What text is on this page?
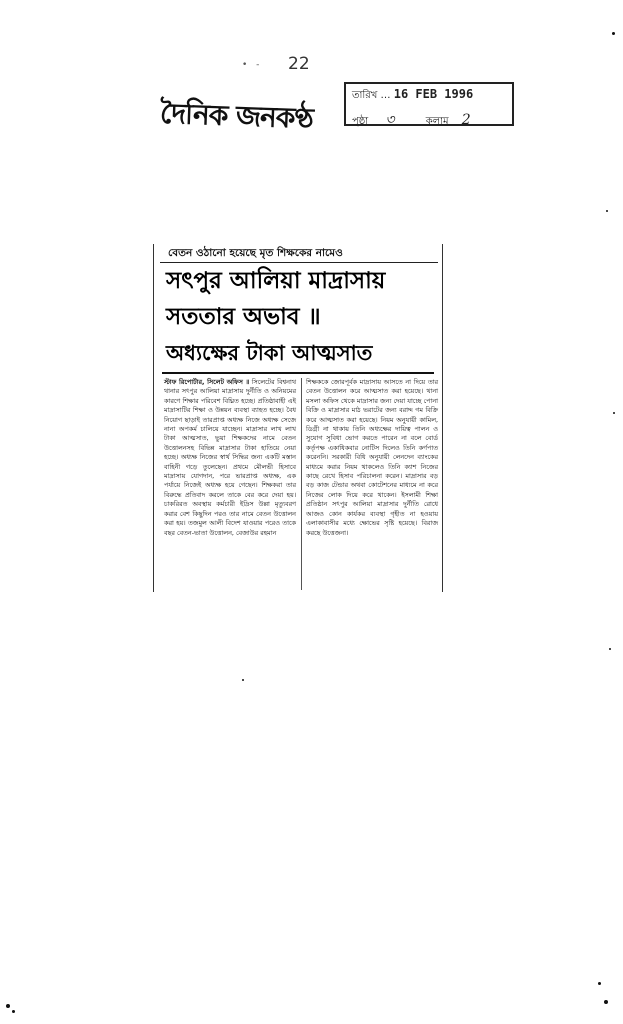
• - 22
দৈনিক জনকণ্ঠ
তারিখ … 16 FEB 1996
পৃষ্ঠা ৩	কলাম 2
বেতন ওঠানো হয়েছে মৃত শিক্ষকের নামেও
সৎপুর আলিয়া মাদ্রাসায়
সততার অভাব ॥
অধ্যক্ষের টাকা আত্মসাত

স্টাফ রিপোর্টার, সিলেট অফিস ॥ সিলেটের বিশ্বনাথ থানার সৎপুর আলিয়া মাদ্রাসায় দুর্নীতি ও অনিয়মের কারণে শিক্ষার পরিবেশ বিঘ্নিত হচ্ছে। প্রতিষ্ঠাবাহী এই মাদ্রাসাটির শিক্ষা ও উন্নয়ন ব্যবস্থা ব্যাহত হচ্ছে। বৈধ নিয়োগ ছাড়াই তারপ্রাপ্ত অধ্যক্ষ নিজে অধ্যক্ষ সেজে নানা অপকর্ম চালিয়ে যাচ্ছেন। মাদ্রাসার লাখ লাখ টাকা আত্মসাত, ভুয়া শিক্ষকদের নামে বেতন উত্তোলনসহ বিভিন্ন মাদ্রাসার টাকা হাতিয়ে নেয়া হচ্ছে। অধ্যক্ষ নিজের স্বার্থ সিদ্ধির জন্য একটি মস্তান বাহিনী গড়ে তুলেছেন। প্রথমে মৌলভী হিসাবে মাদ্রাসায় যোগদান, পরে ভারপ্রাপ্ত অধ্যক্ষ, এক পর্যায়ে নিজেই অধ্যক্ষ হয়ে গেছেন। শিক্ষকরা তার বিরুদ্ধে প্রতিবাদ করলে তাকে বের করে দেয়া হয়। চাকরিরত অবস্থায় কর্মচারী ইদ্রিস উল্লা মৃত্যুবরণ করার বেশ কিছুদিন পরও তার নামে বেতন উত্তোলন করা হয়। তজমুল আলী বিদেশ যাওয়ার পরেও তাকে বছর বেতন-ভাতা উত্তোলন, বেজাউর রহমান

শিক্ষককে জোরপূর্বক মাদ্রাসায় আসতে না দিয়ে তার বেতন উত্তোলন করে আত্মসাত করা হয়েছে। থানা মসলা অফিস থেকে মাদ্রাসার জন্য দেয়া যাচ্ছে পোনা বিক্রি ও মাদ্রাসার মাঠ ভরাটের জন্য বরাদ্দ গম বিক্রি করে আত্মসাত করা হয়েছে। নিয়ম অনুযায়ী কামিল, ডিগ্রী না থাকায় তিনি অধ্যক্ষের দায়িত্ব পালন ও সুযোগ সুবিধা ভোগ করতে পারেন না বলে বোর্ড কর্তৃপক্ষ একাধিকবার নোটিস দিলেও তিনি কর্ণপাত করেননি। সরকারী বিধি অনুযায়ী লেনদেন ব্যাংকের মাধ্যমে করার নিয়ম থাকলেও তিনি ক্যাশ নিজের কাছে রেখে হিসাব পরিচালনা করেন। মাদ্রাসার বড় বড় কাজ টেন্ডার অথবা কোটেশনের মাধ্যমে না করে নিজের লোক দিয়ে করে থাকেন। ইসলামী শিক্ষা প্রতিষ্ঠান সৎপুর আলিয়া মাদ্রাসার দুর্নীতি রোধে আজও কোন কার্যকর ব্যবস্থা গৃহীত না হওয়ায় এলাকাবাসীর মধ্যে ক্ষোভের সৃষ্টি হয়েছে। বিরাজ করছে উত্তেজনা।
